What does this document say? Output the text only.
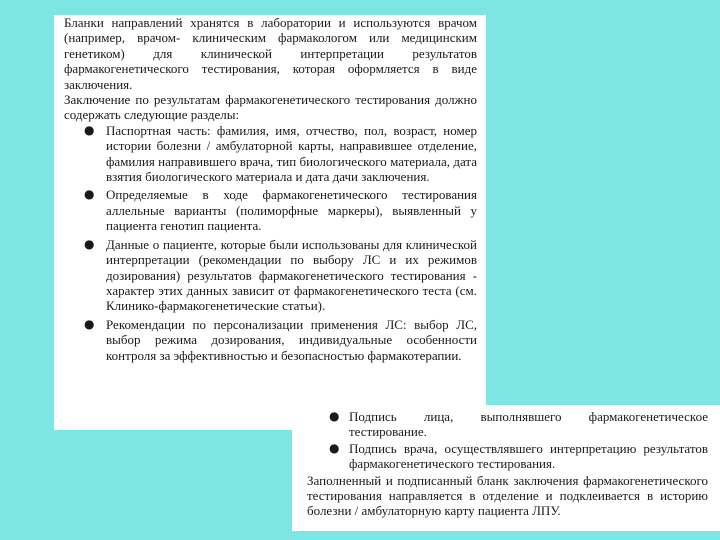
Бланки направлений хранятся в лаборатории и используются врачом (например, врачом- клиническим фармакологом или медицинским генетиком) для клинической интерпретации результатов фармакогенетического тестирования, которая оформляется в виде заключения.

Заключение по результатам фармакогенетического тестирования должно содержать следующие разделы:

● Паспортная часть: фамилия, имя, отчество, пол, возраст, номер истории болезни / амбулаторной карты, направившее отделение, фамилия направившего врача, тип биологического материала, дата взятия биологического материала и дата дачи заключения.
● Определяемые в ходе фармакогенетического тестирования аллельные варианты (полиморфные маркеры), выявленный у пациента генотип пациента.
● Данные о пациенте, которые были использованы для клинической интерпретации (рекомендации по выбору ЛС и их режимов дозирования) результатов фармакогенетического тестирования - характер этих данных зависит от фармакогенетического теста (см. Клинико-фармакогенетические статьи).
● Рекомендации по персонализации применения ЛС: выбор ЛС, выбор режима дозирования, индивидуальные особенности контроля за эффективностью и безопасностью фармакотерапии.
● Подпись лица, выполнявшего фармакогенетическое тестирование.
● Подпись врача, осуществлявшего интерпретацию результатов фармакогенетического тестирования.

Заполненный и подписанный бланк заключения фармакогенетического тестирования направляется в отделение и подклеивается в историю болезни / амбулаторную карту пациента ЛПУ.
